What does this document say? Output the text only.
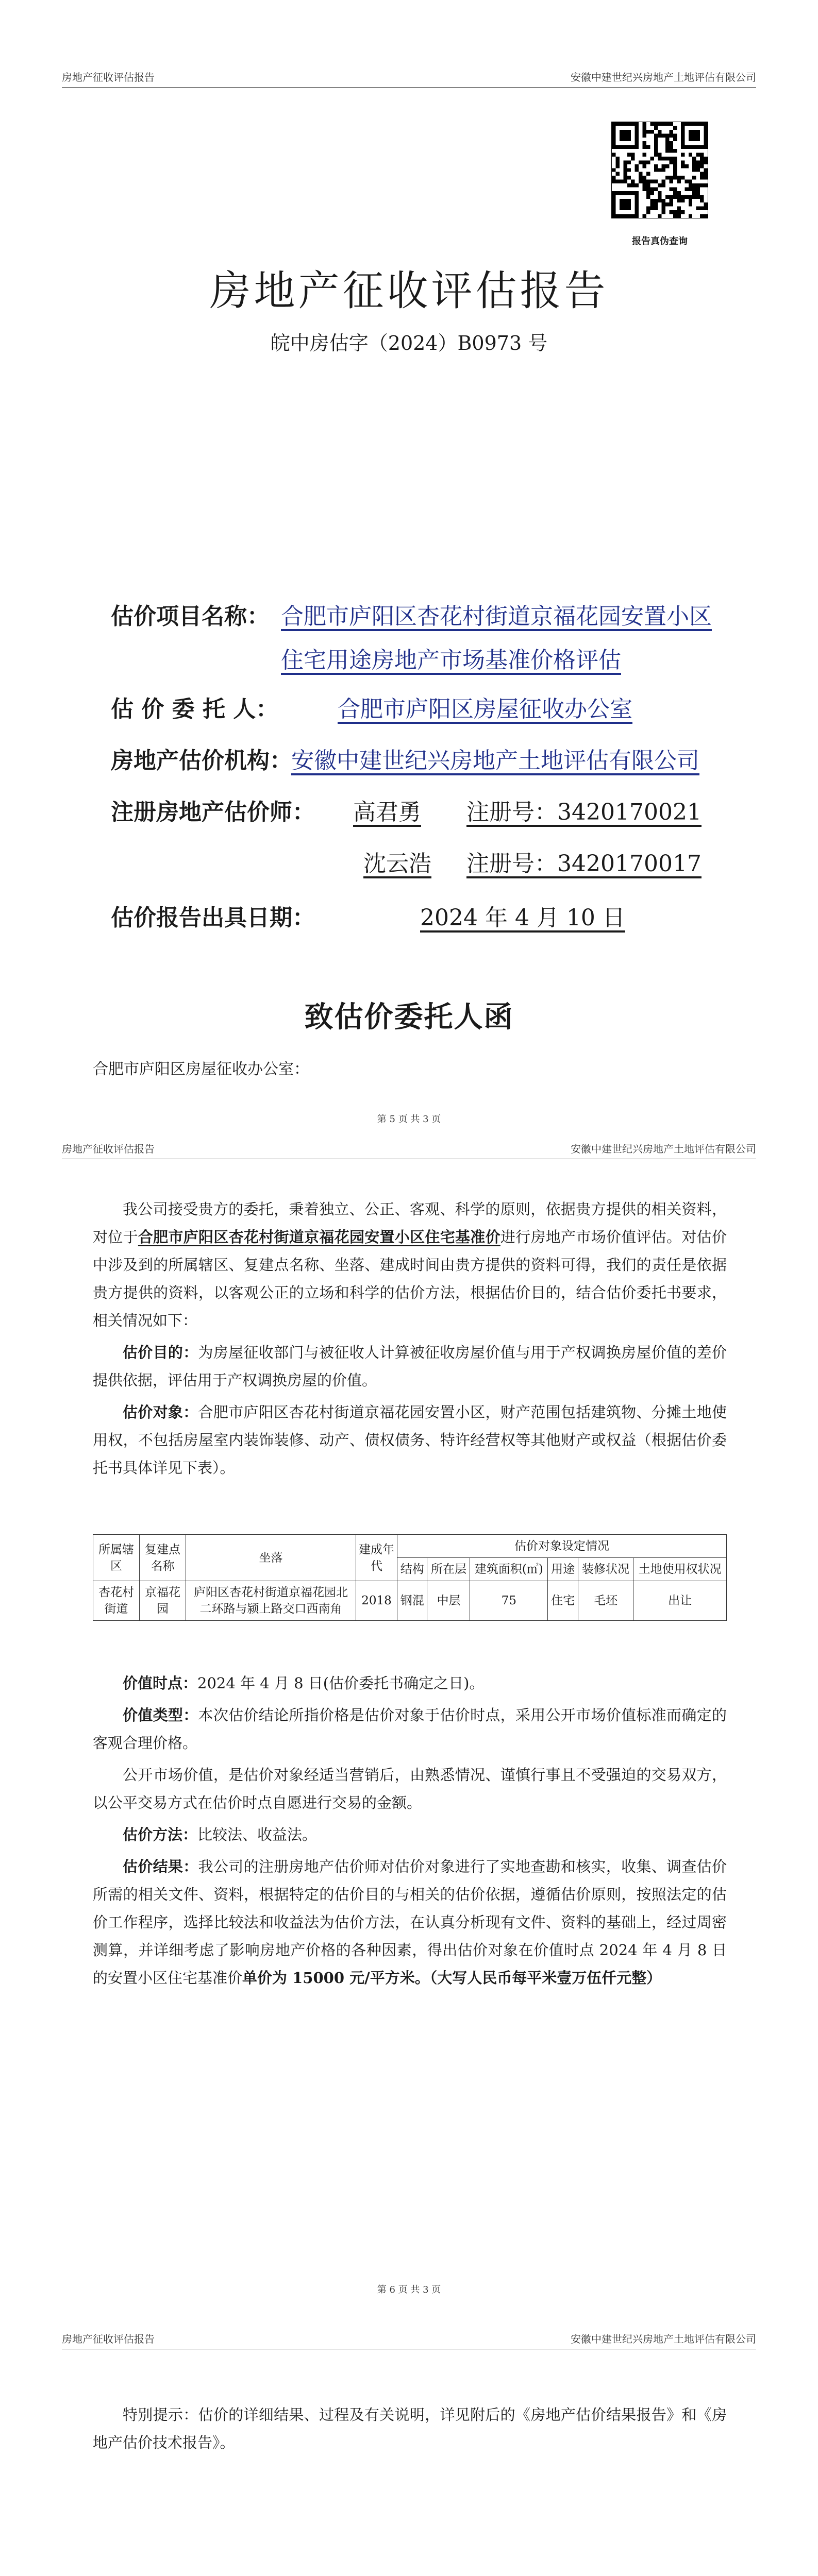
房地产征收评估报告	安徽中建世纪兴房地产土地评估有限公司
报告真伪查询
房地产征收评估报告
皖中房估字（2024）B0973 号
估价项目名称： 合肥市庐阳区杏花村街道京福花园安置小区
住宅用途房地产市场基准价格评估
估 价 委 托 人：	合肥市庐阳区房屋征收办公室
房地产估价机构：
安徽中建世纪兴房地产土地评估有限公司
注册房地产估价师： 高君勇 注册号：3420170021
沈云浩 注册号：3420170017
估价报告出具日期：	2024 年 4 月 10 日
致估价委托人函
合肥市庐阳区房屋征收办公室：
第 5 页 共 3 页
房地产征收评估报告	安徽中建世纪兴房地产土地评估有限公司

我公司接受贵方的委托，秉着独立、公正、客观、科学的原则，依据贵方提供的相关资料，对位于合肥市庐阳区杏花村街道京福花园安置小区住宅基准价进行房地产市场价值评估。对估价中涉及到的所属辖区、复建点名称、坐落、建成时间由贵方提供的资料可得，我们的责任是依据贵方提供的资料，以客观公正的立场和科学的估价方法，根据估价目的，结合估价委托书要求，相关情况如下：

估价目的：为房屋征收部门与被征收人计算被征收房屋价值与用于产权调换房屋价值的差价提供依据，评估用于产权调换房屋的价值。

估价对象：合肥市庐阳区杏花村街道京福花园安置小区，财产范围包括建筑物、分摊土地使用权，不包括房屋室内装饰装修、动产、债权债务、特许经营权等其他财产或权益（根据估价委托书具体详见下表）。

所属辖区	复建点名称	坐落	建成年代	估价对象设定情况					
				结构	所在层	建筑面积(㎡)	用途	装修状况	土地使用权状况
杏花村街道	京福花园	庐阳区杏花村街道京福花园北二环路与颍上路交口西南角	2018	钢混	中层	75	住宅	毛坯	出让

价值时点：2024 年 4 月 8 日(估价委托书确定之日)。

价值类型：本次估价结论所指价格是估价对象于估价时点，采用公开市场价值标准而确定的客观合理价格。

公开市场价值，是估价对象经适当营销后，由熟悉情况、谨慎行事且不受强迫的交易双方，以公平交易方式在估价时点自愿进行交易的金额。

估价方法：比较法、收益法。

估价结果：我公司的注册房地产估价师对估价对象进行了实地查勘和核实，收集、调查估价所需的相关文件、资料，根据特定的估价目的与相关的估价依据，遵循估价原则，按照法定的估价工作程序，选择比较法和收益法为估价方法，在认真分析现有文件、资料的基础上，经过周密测算，并详细考虑了影响房地产价格的各种因素，得出估价对象在价值时点 2024 年 4 月 8 日的安置小区住宅基准价单价为 15000 元/平方米。（大写人民币每平米壹万伍仟元整）

第 6 页 共 3 页
房地产征收评估报告	安徽中建世纪兴房地产土地评估有限公司

特别提示：估价的详细结果、过程及有关说明，详见附后的《房地产估价结果报告》和《房地产估价技术报告》。
